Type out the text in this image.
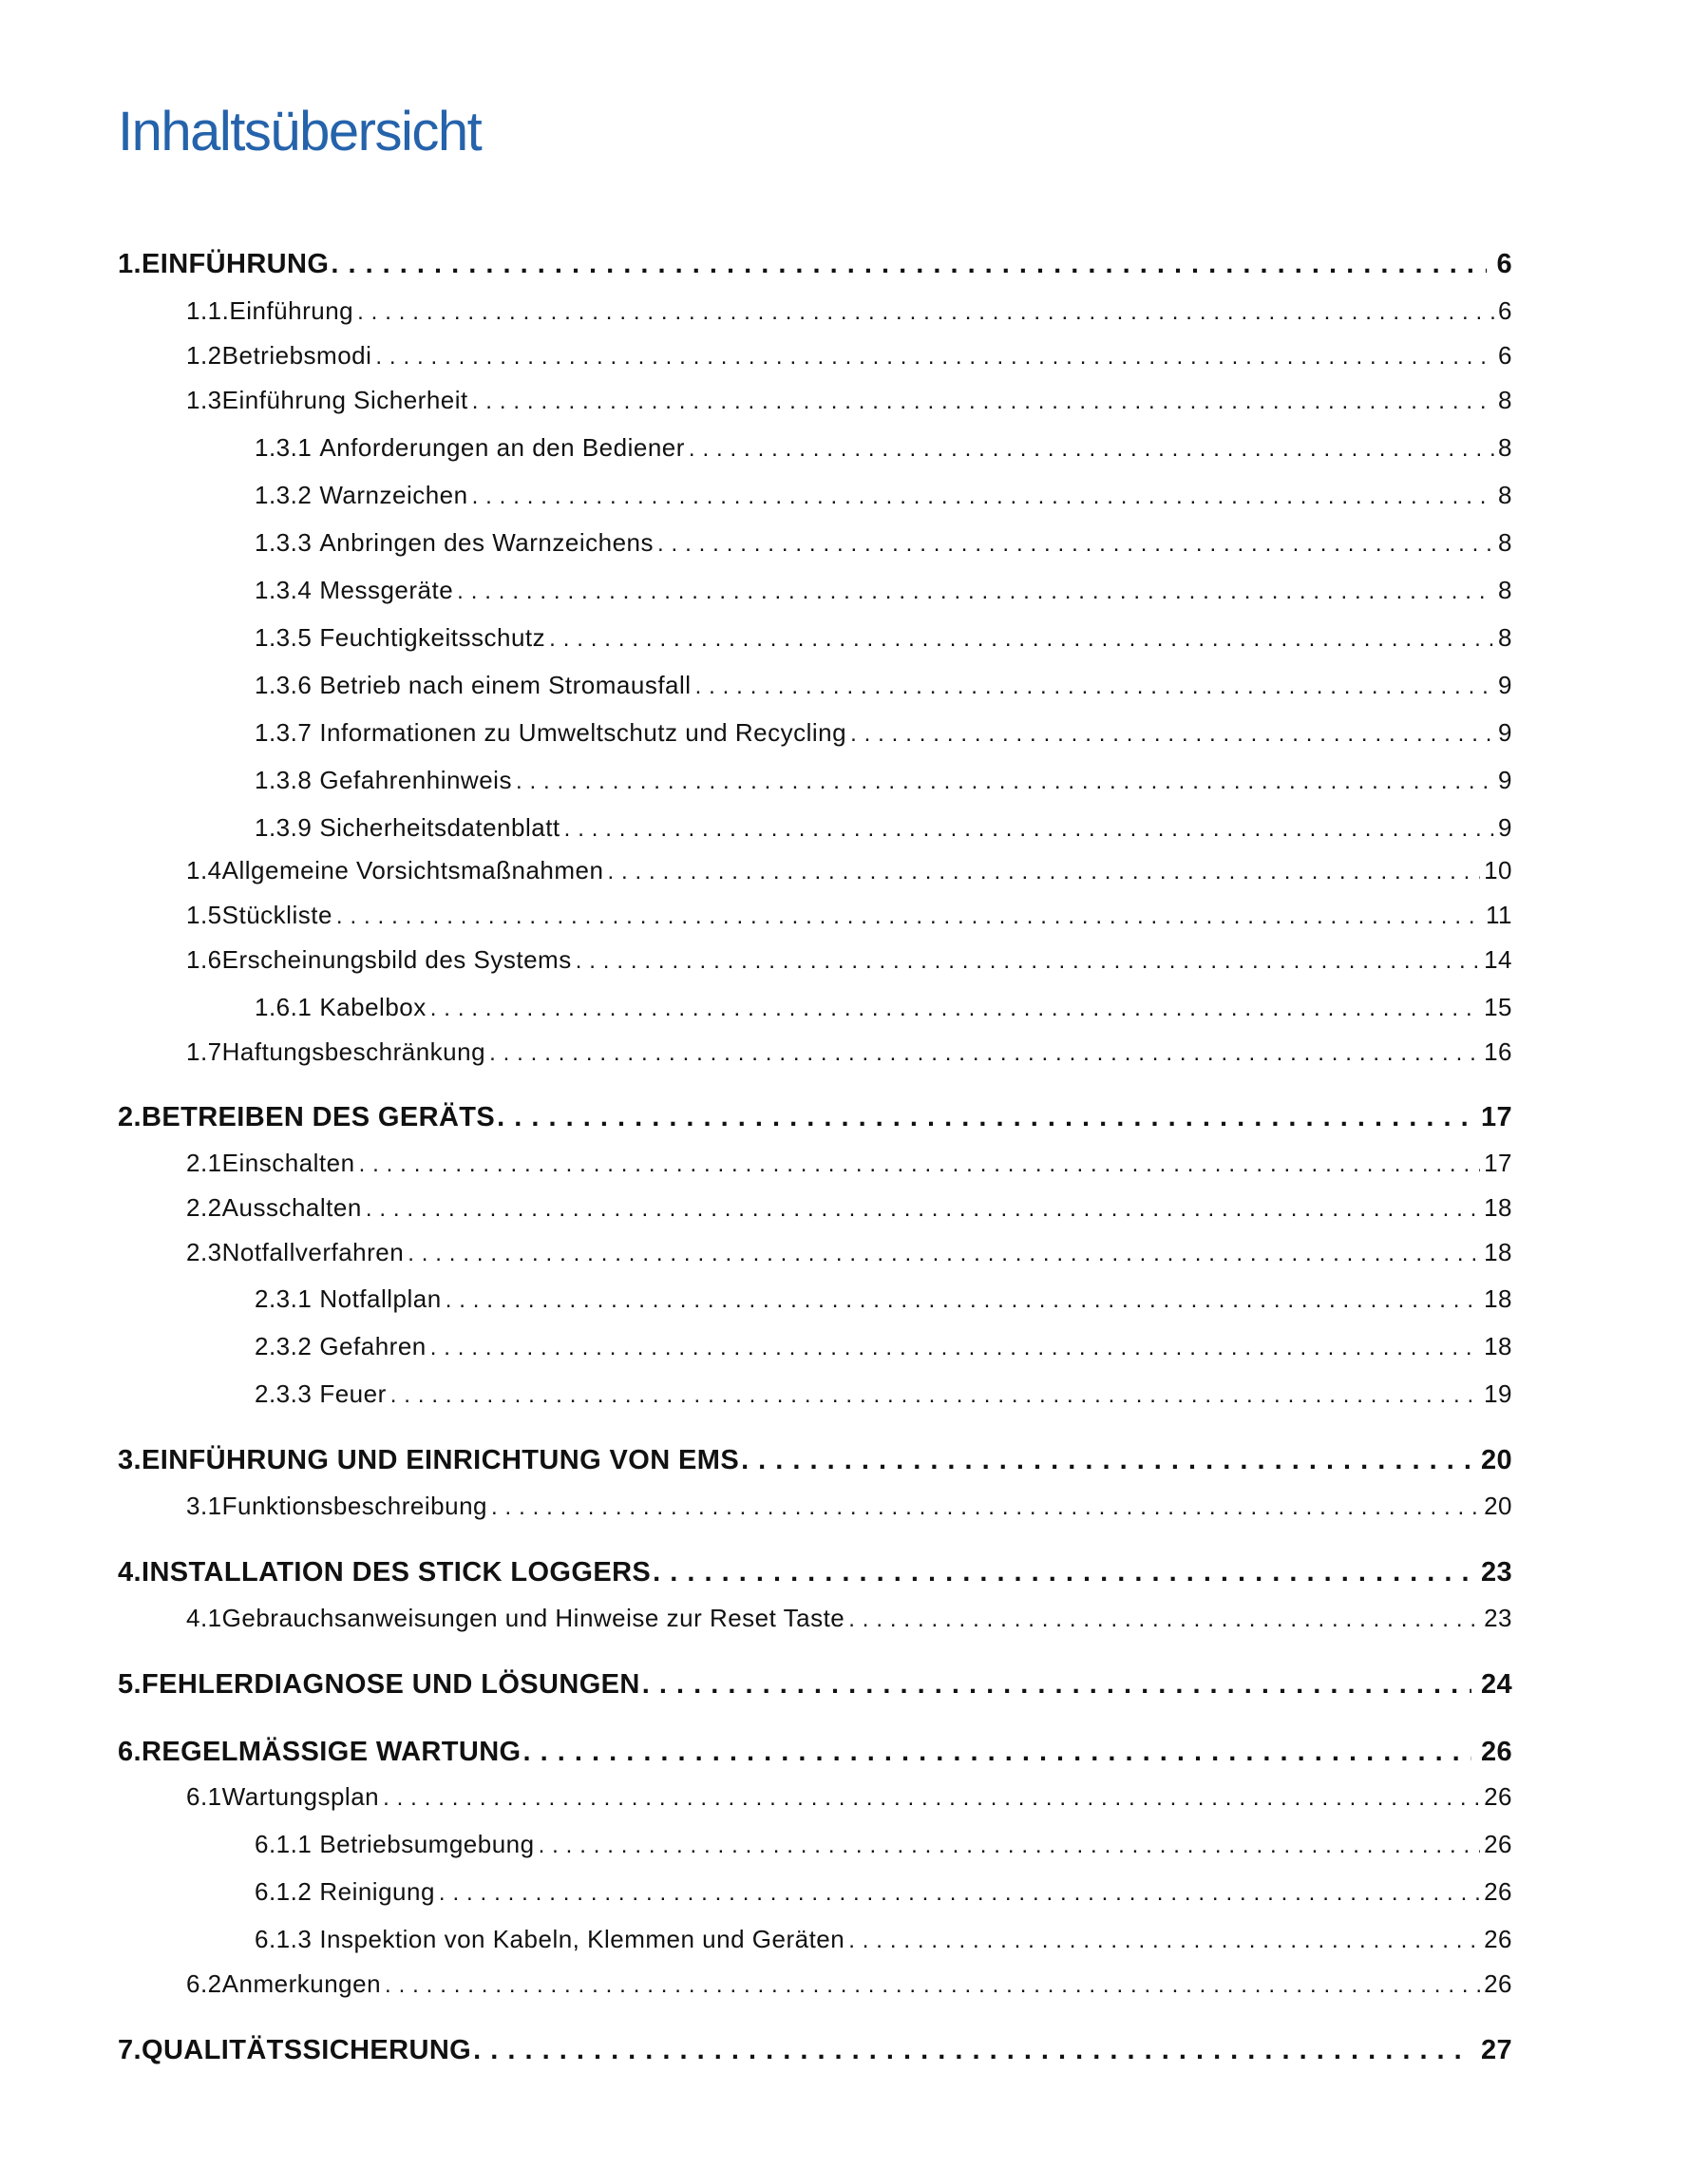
Inhaltsübersicht
1. EINFÜHRUNG . . .	6
1.1. Einführung . . .	6
1.2 Betriebsmodi . . .	6
1.3 Einführung Sicherheit . . .	8
1.3.1 Anforderungen an den Bediener . . .	8
1.3.2 Warnzeichen . . .	8
1.3.3 Anbringen des Warnzeichens . . .	8
1.3.4 Messgeräte . . .	8
1.3.5 Feuchtigkeitsschutz . . .	8
1.3.6 Betrieb nach einem Stromausfall . . .	9
1.3.7 Informationen zu Umweltschutz und Recycling . . .	9
1.3.8 Gefahrenhinweis . . .	9
1.3.9 Sicherheitsdatenblatt . . .	9
1.4 Allgemeine Vorsichtsmaßnahmen . . .	10
1.5 Stückliste . . .	11
1.6 Erscheinungsbild des Systems . . .	14
1.6.1 Kabelbox . . .	15
1.7 Haftungsbeschränkung . . .	16
2. BETREIBEN DES GERÄTS . . .	17
2.1 Einschalten . . .	17
2.2 Ausschalten . . .	18
2.3 Notfallverfahren . . .	18
2.3.1 Notfallplan . . .	18
2.3.2 Gefahren . . .	18
2.3.3 Feuer . . .	19
3. EINFÜHRUNG UND EINRICHTUNG VON EMS . . .	20
3.1 Funktionsbeschreibung . . .	20
4. INSTALLATION DES STICK LOGGERS . . .	23
4.1 Gebrauchsanweisungen und Hinweise zur Reset Taste . . .	23
5. FEHLERDIAGNOSE UND LÖSUNGEN . . .	24
6. REGELMÄSSIGE WARTUNG . . .	26
6.1 Wartungsplan . . .	26
6.1.1 Betriebsumgebung . . .	26
6.1.2 Reinigung . . .	26
6.1.3 Inspektion von Kabeln, Klemmen und Geräten . . .	26
6.2 Anmerkungen . . .	26
7. QUALITÄTSSICHERUNG . . .	27
